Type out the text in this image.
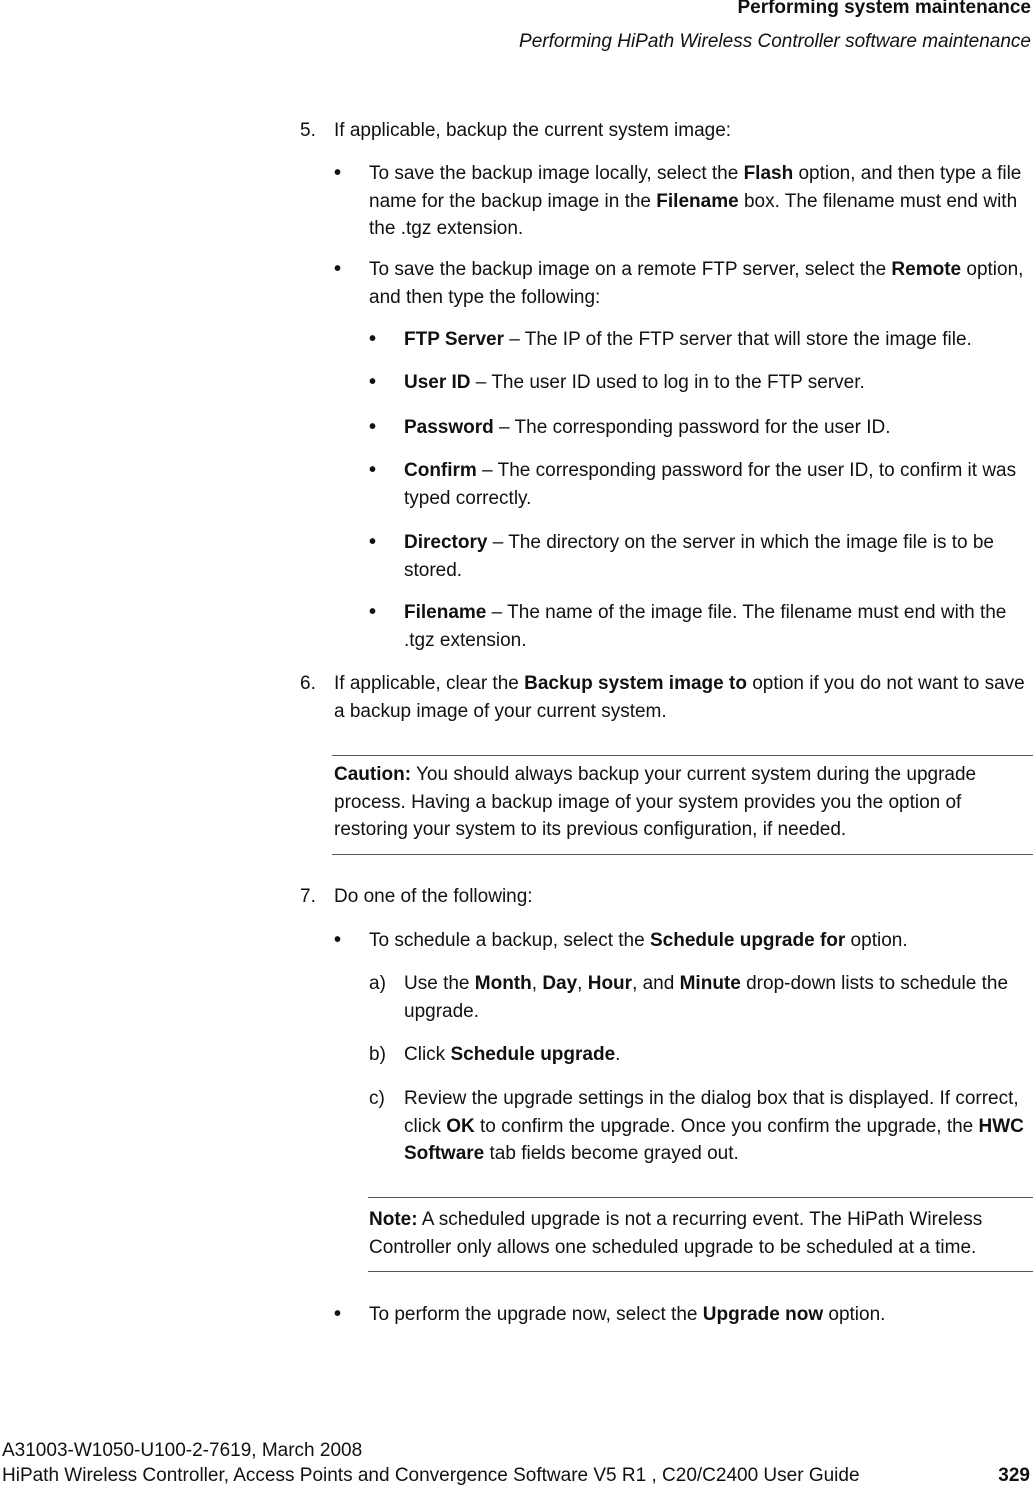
Performing system maintenance
Performing HiPath Wireless Controller software maintenance
5. If applicable, backup the current system image:
• To save the backup image locally, select the Flash option, and then type a file name for the backup image in the Filename box. The filename must end with the .tgz extension.
• To save the backup image on a remote FTP server, select the Remote option, and then type the following:
• FTP Server – The IP of the FTP server that will store the image file.
• User ID – The user ID used to log in to the FTP server.
• Password – The corresponding password for the user ID.
• Confirm – The corresponding password for the user ID, to confirm it was typed correctly.
• Directory – The directory on the server in which the image file is to be stored.
• Filename – The name of the image file. The filename must end with the .tgz extension.
6. If applicable, clear the Backup system image to option if you do not want to save a backup image of your current system.
Caution: You should always backup your current system during the upgrade process. Having a backup image of your system provides you the option of restoring your system to its previous configuration, if needed.
7. Do one of the following:
• To schedule a backup, select the Schedule upgrade for option.
a) Use the Month, Day, Hour, and Minute drop-down lists to schedule the upgrade.
b) Click Schedule upgrade.
c) Review the upgrade settings in the dialog box that is displayed. If correct, click OK to confirm the upgrade. Once you confirm the upgrade, the HWC Software tab fields become grayed out.
Note: A scheduled upgrade is not a recurring event. The HiPath Wireless Controller only allows one scheduled upgrade to be scheduled at a time.
• To perform the upgrade now, select the Upgrade now option.
A31003-W1050-U100-2-7619, March 2008
HiPath Wireless Controller, Access Points and Convergence Software V5 R1 , C20/C2400 User Guide	329
